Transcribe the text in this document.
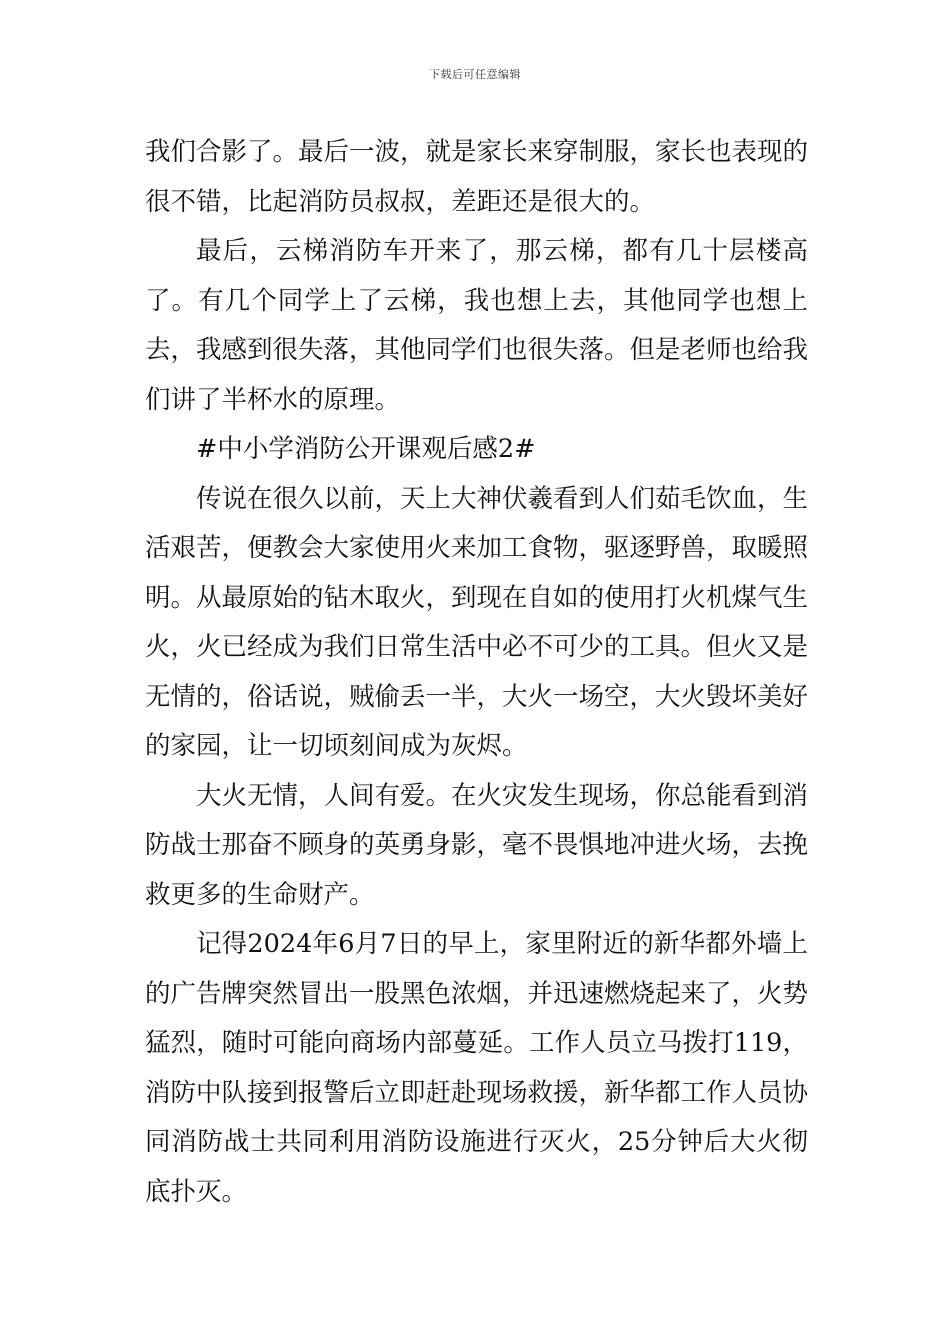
下载后可任意编辑

我们合影了。最后一波，就是家长来穿制服，家长也表现的很不错，比起消防员叔叔，差距还是很大的。

最后，云梯消防车开来了，那云梯，都有几十层楼高了。有几个同学上了云梯，我也想上去，其他同学也想上去，我感到很失落，其他同学们也很失落。但是老师也给我们讲了半杯水的原理。

#中小学消防公开课观后感2#

传说在很久以前，天上大神伏羲看到人们茹毛饮血，生活艰苦，便教会大家使用火来加工食物，驱逐野兽，取暖照明。从最原始的钻木取火，到现在自如的使用打火机煤气生火，火已经成为我们日常生活中必不可少的工具。但火又是无情的，俗话说，贼偷丢一半，大火一场空，大火毁坏美好的家园，让一切顷刻间成为灰烬。

大火无情，人间有爱。在火灾发生现场，你总能看到消防战士那奋不顾身的英勇身影，毫不畏惧地冲进火场，去挽救更多的生命财产。

记得2024年6月7日的早上，家里附近的新华都外墙上的广告牌突然冒出一股黑色浓烟，并迅速燃烧起来了，火势猛烈，随时可能向商场内部蔓延。工作人员立马拨打119，消防中队接到报警后立即赶赴现场救援，新华都工作人员协同消防战士共同利用消防设施进行灭火，25分钟后大火彻底扑灭。
